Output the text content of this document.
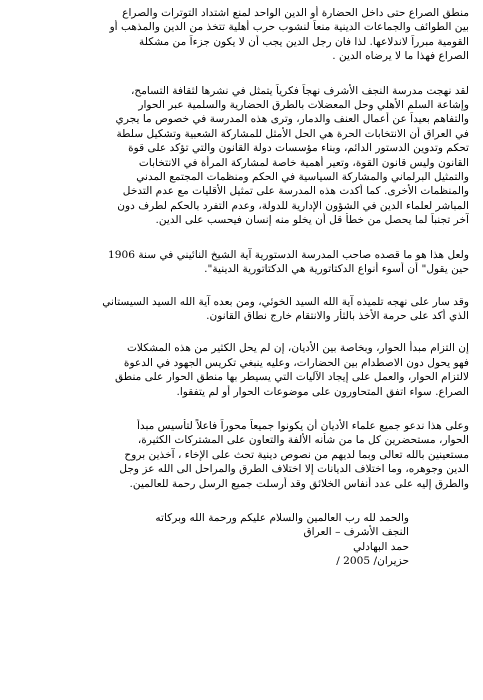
منطق الصراع حتى داخل الحضارة أو الدين الواحد لمنع اشتداد التوترات والصراع
بين الطوائف والجماعات الدينية منعاً لنشوب حرب أهلية تتخذ من الدين والمذهب أو
القومية مبرراً لاندلاعها. لذا فان رجل الدين يجب أن لا يكون جزءاً من مشكلة
الصراع فهذا ما لا يرضاه الدين .
لقد نهجت مدرسة النجف الأشرف نهجاً فكرياً يتمثل في نشرها لثقافة التسامح،
وإشاعة السلم الأهلي وحل المعضلات بالطرق الحضارية والسلمية عبر الحوار
والتفاهم بعيداً عن أعمال العنف والدمار، وترى هذه المدرسة في خصوص ما يجري
في العراق أن الانتخابات الحرة هي الحل الأمثل للمشاركة الشعبية وتشكيل سلطة
تحكم وتدوين الدستور الدائم، وبناء مؤسسات دولة القانون والتي تؤكد على قوة
القانون وليس قانون القوة، وتعير أهمية خاصة لمشاركة المرأة في الانتخابات
والتمثيل البرلماني والمشاركة السياسية في الحكم ومنظمات المجتمع المدني
والمنظمات الأخرى. كما أكدت هذه المدرسة على تمثيل الأقليات مع عدم التدخل
المباشر لعلماء الدين في الشؤون الإدارية للدولة، وعدم التفرد بالحكم لطرف دون
آخر تجنباً لما يحصل من خطأ قل أن يخلو منه إنسان فيحسب على الدين.
ولعل هذا هو ما قصده صاحب المدرسة الدستورية آية الشيخ النائيني في سنة 1906
حين يقول" أن أسوء أنواع الدكتاتورية هي الدكتاتورية الدينية".
وقد سار على نهجه تلميذه آية الله السيد الخوئي، ومن بعده آية الله السيد السيستاني
الذي أكد على حرمة الأخذ بالثأر والانتقام خارج نطاق القانون.
إن التزام مبدأ الحوار، وبخاصة بين الأديان، إن لم يحل الكثير من هذه المشكلات
فهو يحول دون الاصطدام بين الحضارات، وعليه ينبغي تكريس الجهود في الدعوة
لالتزام الحوار، والعمل على إيجاد الآليات التي يسيطر بها منطق الحوار على منطق
الصراع. سواء اتفق المتحاورون على موضوعات الحوار أو لم يتفقوا.
وعلى هذا ندعو جميع علماء الأديان أن يكونوا جميعاً محوراً فاعلاً لتأسيس مبدأ
الحوار، مستحضرين كل ما من شأنه الألفة والتعاون على المشتركات الكثيرة،
مستعينين بالله تعالى وبما لديهم من نصوص دينية تحث على الإخاء ، آخذين بروح
الدين وجوهره، وما اختلاف الديانات إلا اختلاف الطرق والمراحل الى الله عز وجل
والطرق إليه على عدد أنفاس الخلائق وقد أرسلت جميع الرسل رحمة للعالمين.
والحمد لله رب العالمين والسلام عليكم ورحمة الله وبركاته
النجف الأشرف – العراق
حمد البهادلي
/ حزيران/ 2005
